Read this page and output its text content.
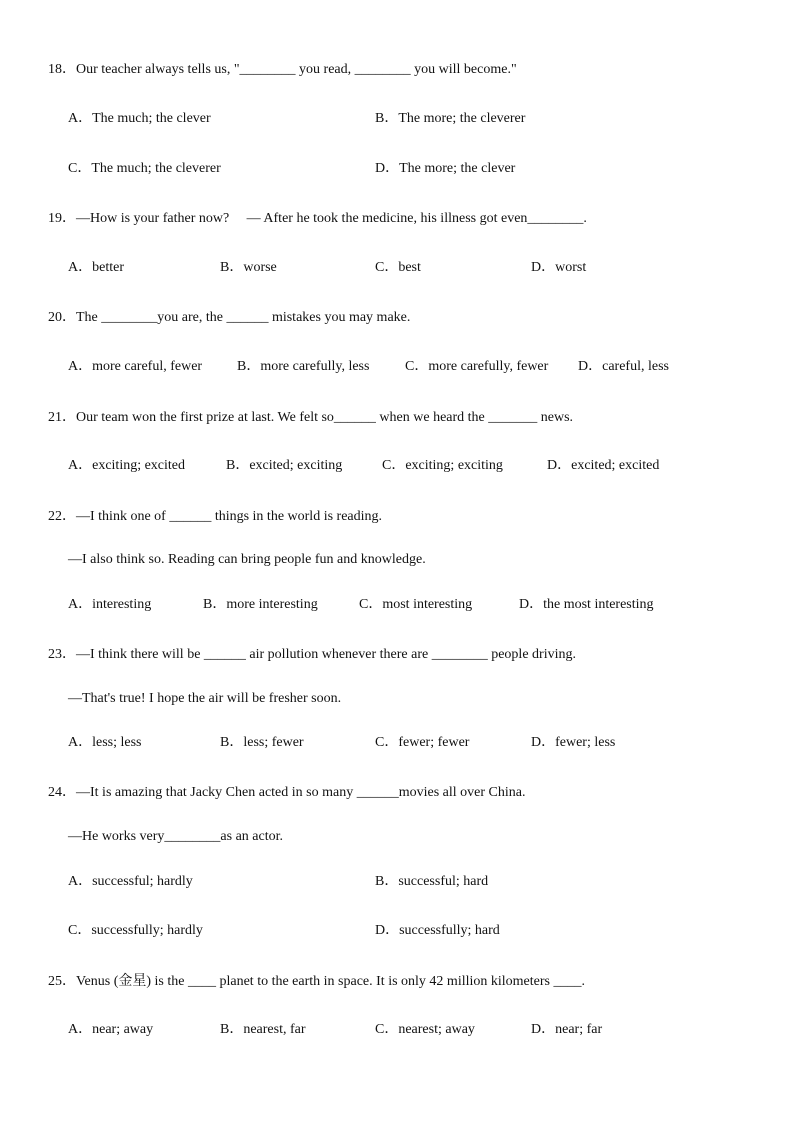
18．Our teacher always tells us, "________ you read, ________ you will become."
A．The much; the clever	B．The more; the cleverer
C．The much; the cleverer	D．The more; the clever
19．—How is your father now?     — After he took the medicine, his illness got even________.
A．better	B．worse	C．best	D．worst
20．The ________you are, the ______ mistakes you may make.
A．more careful, fewer B．more carefully, less	C．more carefully, fewer D．careful, less
21．Our team won the first prize at last. We felt so______ when we heard the _______ news.
A．exciting; excited	B．excited; exciting	C．exciting; exciting	D．excited; excited
22．—I think one of ______ things in the world is reading.
—I also think so. Reading can bring people fun and knowledge.
A．interesting	B．more interesting	C．most interesting	D．the most interesting
23．—I think there will be ______ air pollution whenever there are ________ people driving.
—That's true! I hope the air will be fresher soon.
A．less; less	B．less; fewer	C．fewer; fewer	D．fewer; less
24．—It is amazing that Jacky Chen acted in so many ______movies all over China.
—He works very________as an actor.
A．successful; hardly	B．successful; hard
C．successfully; hardly	D．successfully; hard
25．Venus (金星) is the ____ planet to the earth in space. It is only 42 million kilometers ____.
A．near; away	B．nearest, far	C．nearest; away	D．near; far
